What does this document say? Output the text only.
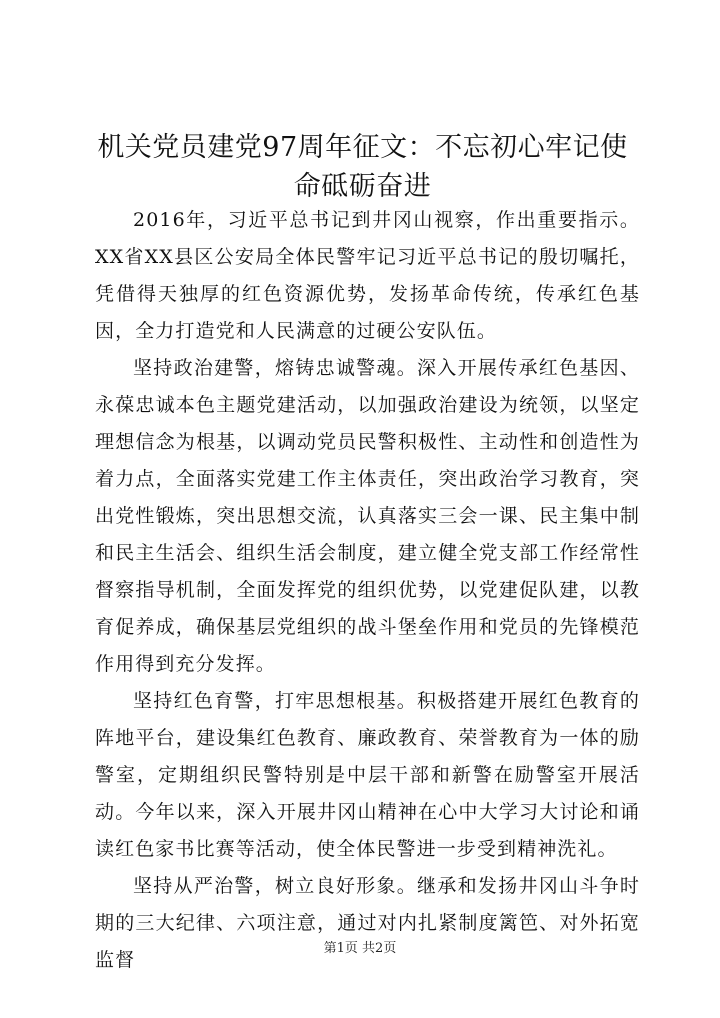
机关党员建党97周年征文：不忘初心牢记使命砥砺奋进

2016年，习近平总书记到井冈山视察，作出重要指示。XX省XX县区公安局全体民警牢记习近平总书记的殷切嘱托，凭借得天独厚的红色资源优势，发扬革命传统，传承红色基因，全力打造党和人民满意的过硬公安队伍。

坚持政治建警，熔铸忠诚警魂。深入开展传承红色基因、永葆忠诚本色主题党建活动，以加强政治建设为统领，以坚定理想信念为根基，以调动党员民警积极性、主动性和创造性为着力点，全面落实党建工作主体责任，突出政治学习教育，突出党性锻炼，突出思想交流，认真落实三会一课、民主集中制和民主生活会、组织生活会制度，建立健全党支部工作经常性督察指导机制，全面发挥党的组织优势，以党建促队建，以教育促养成，确保基层党组织的战斗堡垒作用和党员的先锋模范作用得到充分发挥。

坚持红色育警，打牢思想根基。积极搭建开展红色教育的阵地平台，建设集红色教育、廉政教育、荣誉教育为一体的励警室，定期组织民警特别是中层干部和新警在励警室开展活动。今年以来，深入开展井冈山精神在心中大学习大讨论和诵读红色家书比赛等活动，使全体民警进一步受到精神洗礼。

坚持从严治警，树立良好形象。继承和发扬井冈山斗争时期的三大纪律、六项注意，通过对内扎紧制度篱笆、对外拓宽监督

第1页 共2页
